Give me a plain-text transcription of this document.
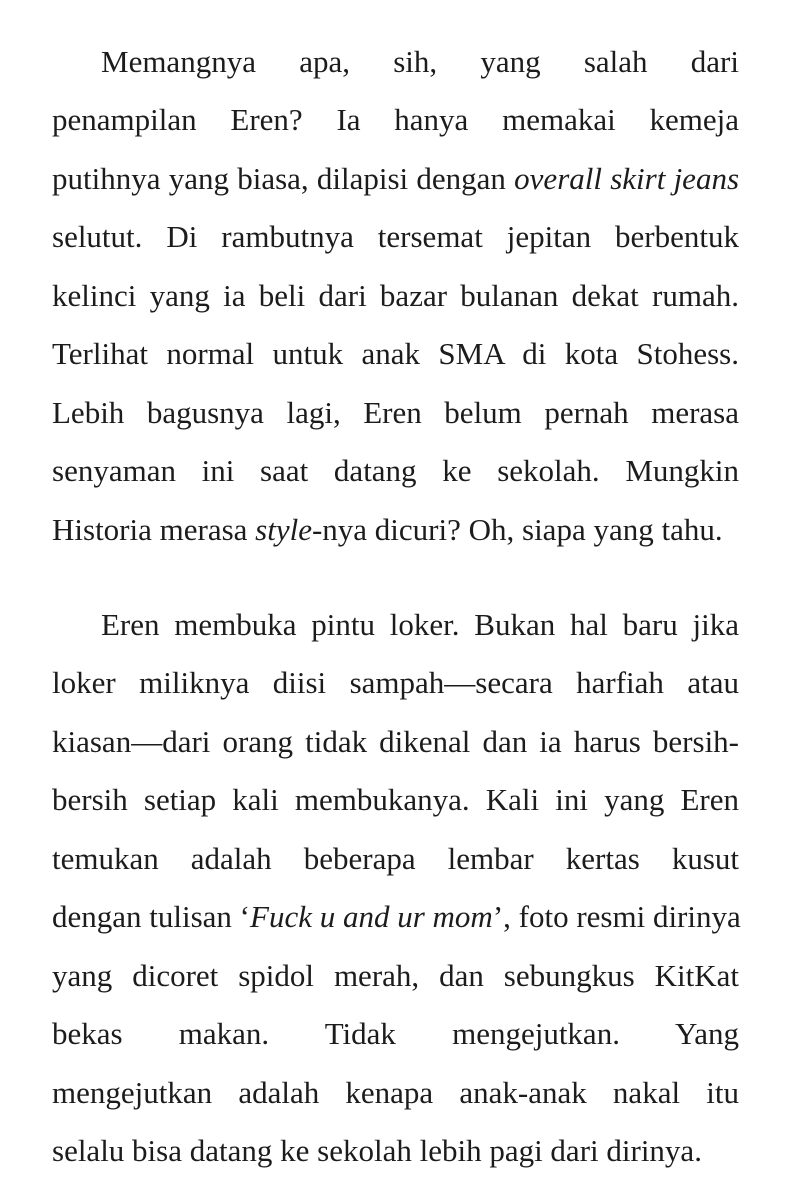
Memangnya apa, sih, yang salah dari
penampilan Eren? Ia hanya memakai kemeja
putihnya yang biasa, dilapisi dengan overall skirt jeans
selutut. Di rambutnya tersemat jepitan berbentuk
kelinci yang ia beli dari bazar bulanan dekat rumah.
Terlihat normal untuk anak SMA di kota Stohess.
Lebih bagusnya lagi, Eren belum pernah merasa
senyaman ini saat datang ke sekolah. Mungkin
Historia merasa style-nya dicuri? Oh, siapa yang tahu.
Eren membuka pintu loker. Bukan hal baru jika
loker miliknya diisi sampah—secara harfiah atau
kiasan—dari orang tidak dikenal dan ia harus bersih-
bersih setiap kali membukanya. Kali ini yang Eren
temukan adalah beberapa lembar kertas kusut
dengan tulisan ‘Fuck u and ur mom’, foto resmi dirinya
yang dicoret spidol merah, dan sebungkus KitKat
bekas makan. Tidak mengejutkan. Yang
mengejutkan adalah kenapa anak-anak nakal itu
selalu bisa datang ke sekolah lebih pagi dari dirinya.
